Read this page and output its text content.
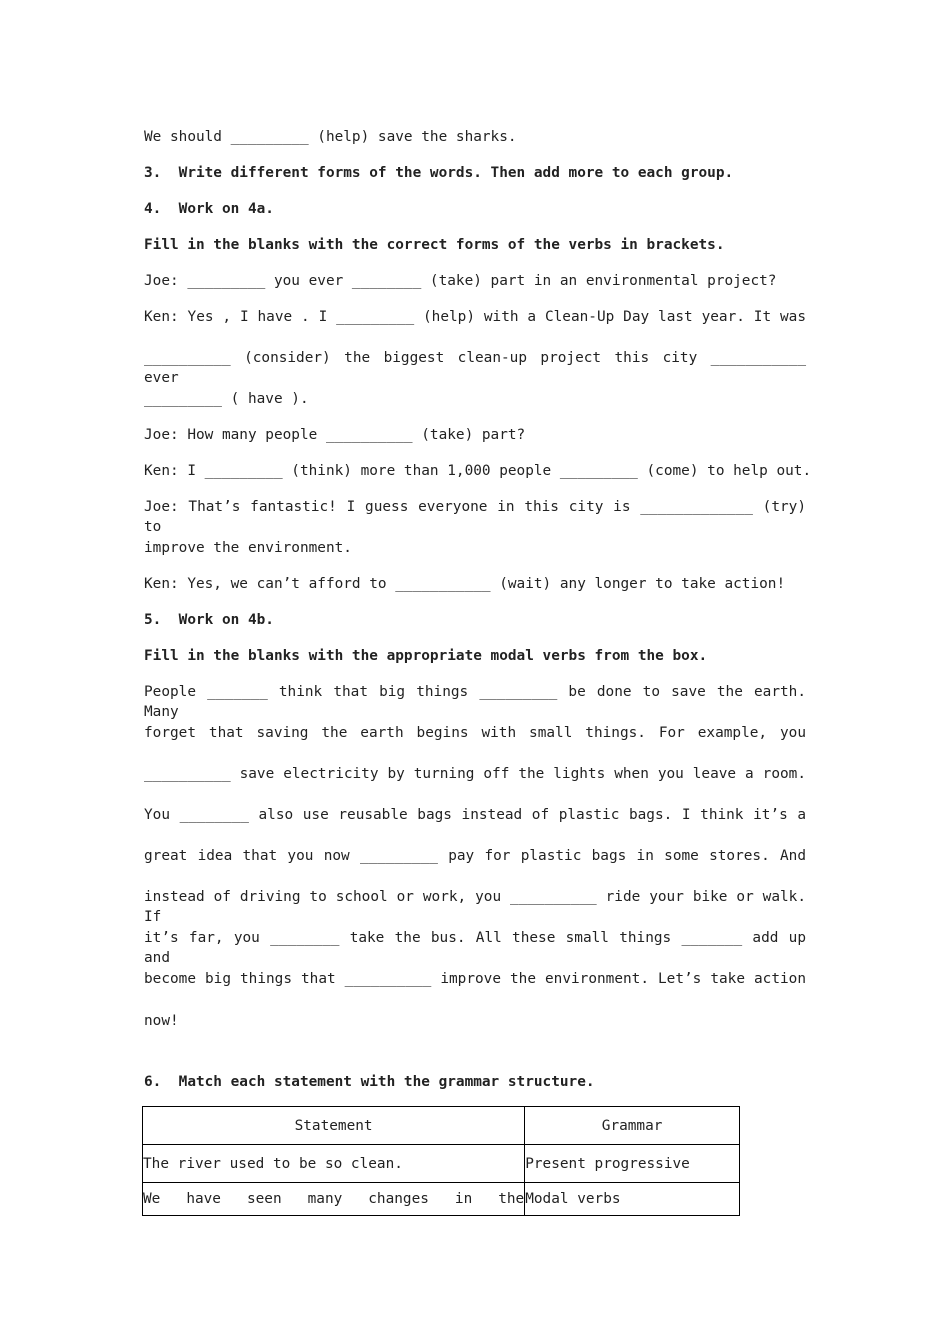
We should _________ (help) save the sharks.

3.  Write different forms of the words. Then add more to each group.

4.  Work on 4a.

Fill in the blanks with the correct forms of the verbs in brackets.

Joe: _________ you ever ________ (take) part in an environmental project?

Ken: Yes , I have . I _________ (help) with a Clean-Up Day last year. It was

__________ (consider) the biggest clean-up project this city ___________ ever

_________ ( have ).

Joe: How many people __________ (take) part?

Ken: I _________ (think) more than 1,000 people _________ (come) to help out.

Joe: That’s fantastic! I guess everyone in this city is _____________ (try) to

improve the environment.

Ken: Yes, we can’t afford to ___________ (wait) any longer to take action!

5.  Work on 4b.

Fill in the blanks with the appropriate modal verbs from the box.

People _______ think that big things _________ be done to save the earth. Many

forget that saving the earth begins with small things. For example, you

__________ save electricity by turning off the lights when you leave a room.

You ________ also use reusable bags instead of plastic bags. I think it’s a

great idea that you now _________ pay for plastic bags in some stores. And

instead of driving to school or work, you __________ ride your bike or walk. If

it’s far, you ________ take the bus. All these small things _______ add up and

become big things that __________ improve the environment. Let’s take action

now!

6.  Match each statement with the grammar structure.

Statement	Grammar
The river used to be so clean.	Present progressive
We   have   seen   many   changes   in   the	Modal verbs
